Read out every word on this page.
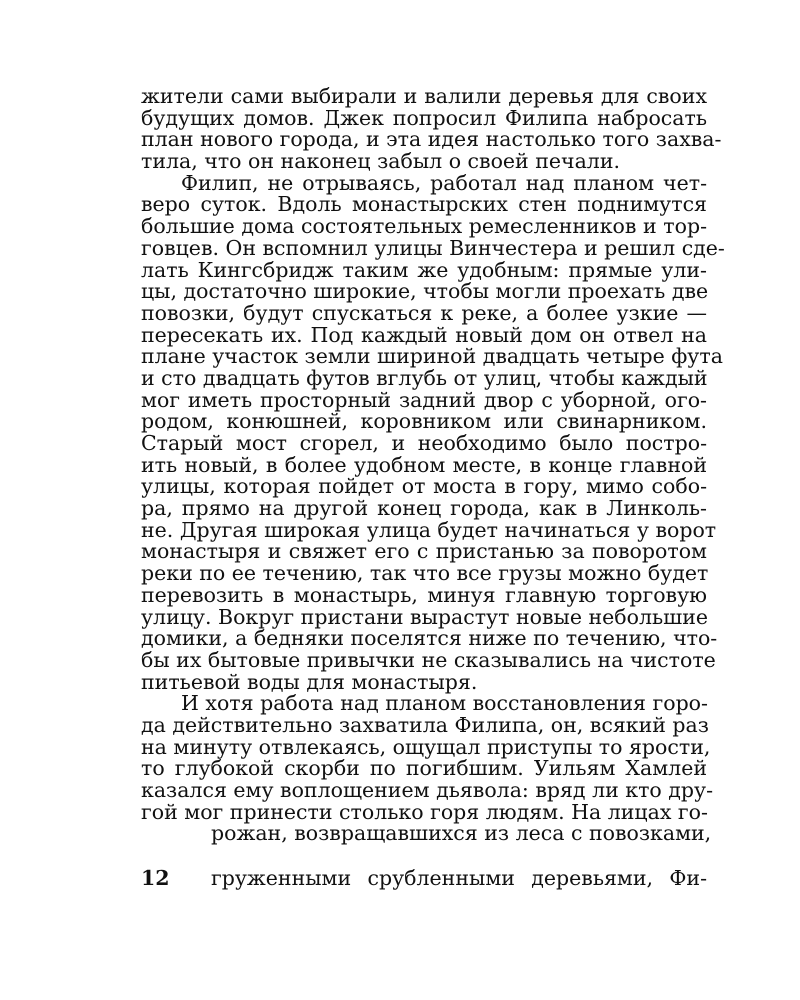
жители сами выбирали и валили деревья для своих
будущих домов. Джек попросил Филипа набросать
план нового города, и эта идея настолько того захва-
тила, что он наконец забыл о своей печали.
Филип, не отрываясь, работал над планом чет-
веро суток. Вдоль монастырских стен поднимутся
большие дома состоятельных ремесленников и тор-
говцев. Он вспомнил улицы Винчестера и решил сде-
лать Кингсбридж таким же удобным: прямые ули-
цы, достаточно широкие, чтобы могли проехать две
повозки, будут спускаться к реке, а более узкие —
пересекать их. Под каждый новый дом он отвел на
плане участок земли шириной двадцать четыре фута
и сто двадцать футов вглубь от улиц, чтобы каждый
мог иметь просторный задний двор с уборной, ого-
родом, конюшней, коровником или свинарником.
Старый мост сгорел, и необходимо было постро-
ить новый, в более удобном месте, в конце главной
улицы, которая пойдет от моста в гору, мимо собо-
ра, прямо на другой конец города, как в Линколь-
не. Другая широкая улица будет начинаться у ворот
монастыря и свяжет его с пристанью за поворотом
реки по ее течению, так что все грузы можно будет
перевозить в монастырь, минуя главную торговую
улицу. Вокруг пристани вырастут новые небольшие
домики, а бедняки поселятся ниже по течению, что-
бы их бытовые привычки не сказывались на чистоте
питьевой воды для монастыря.
И хотя работа над планом восстановления горо-
да действительно захватила Филипа, он, всякий раз
на минуту отвлекаясь, ощущал приступы то ярости,
то глубокой скорби по погибшим. Уильям Хамлей
казался ему воплощением дьявола: вряд ли кто дру-
гой мог принести столько горя людям. На лицах го-
рожан, возвращавшихся из леса с повозками,
12 груженными срубленными деревьями, Фи-
